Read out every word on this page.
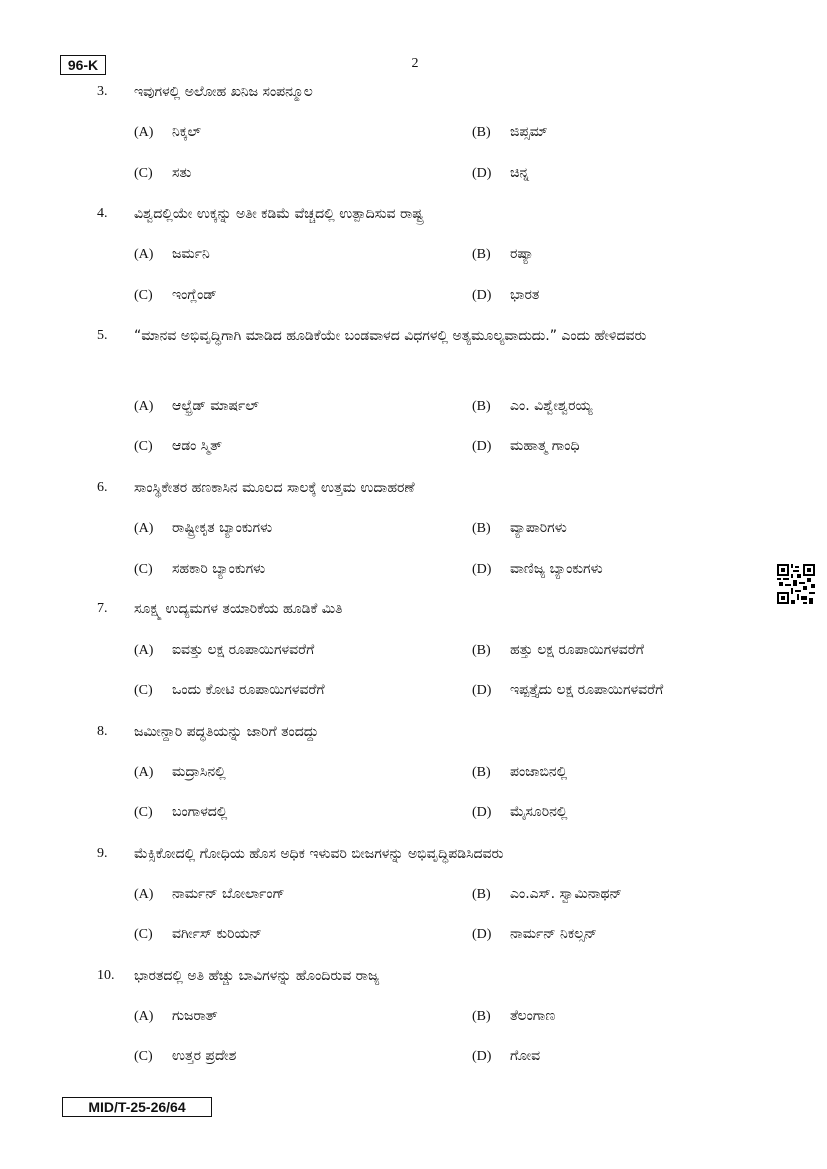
96-K	2
3. ಇವುಗಳಲ್ಲಿ ಅಲೋಹ ಖನಿಜ ಸಂಪನ್ಮೂಲ
(A) ನಿಕ್ಕಲ್	(B) ಜಿಪ್ಸಮ್
(C) ಸತು	(D) ಚಿನ್ನ
4. ವಿಶ್ವದಲ್ಲಿಯೇ ಉಕ್ಕನ್ನು ಅತೀ ಕಡಿಮೆ ವೆಚ್ಚದಲ್ಲಿ ಉತ್ಪಾದಿಸುವ ರಾಷ್ಟ್ರ
(A) ಜರ್ಮನಿ	(B) ರಷ್ಯಾ
(C) ಇಂಗ್ಲೆಂಡ್	(D) ಭಾರತ
5. “ಮಾನವ ಅಭಿವೃದ್ಧಿಗಾಗಿ ಮಾಡಿದ ಹೂಡಿಕೆಯೇ ಬಂಡವಾಳದ ವಿಧಗಳಲ್ಲಿ ಅತ್ಯಮೂಲ್ಯವಾದುದು.” ಎಂದು ಹೇಳಿದವರು
(A) ಆಲ್ಫ್ರೆಡ್ ಮಾರ್ಷಲ್	(B) ಎಂ. ವಿಶ್ವೇಶ್ವರಯ್ಯ
(C) ಆಡಂ ಸ್ಮಿತ್	(D) ಮಹಾತ್ಮ ಗಾಂಧಿ
6. ಸಾಂಸ್ಥಿಕೇತರ ಹಣಕಾಸಿನ ಮೂಲದ ಸಾಲಕ್ಕೆ ಉತ್ತಮ ಉದಾಹರಣೆ
(A) ರಾಷ್ಟ್ರೀಕೃತ ಬ್ಯಾಂಕುಗಳು	(B) ವ್ಯಾಪಾರಿಗಳು
(C) ಸಹಕಾರಿ ಬ್ಯಾಂಕುಗಳು	(D) ವಾಣಿಜ್ಯ ಬ್ಯಾಂಕುಗಳು
7. ಸೂಕ್ಷ್ಮ ಉದ್ಯಮಗಳ ತಯಾರಿಕೆಯ ಹೂಡಿಕೆ ಮಿತಿ
(A) ಐವತ್ತು ಲಕ್ಷ ರೂಪಾಯಿಗಳವರೆಗೆ	(B) ಹತ್ತು ಲಕ್ಷ ರೂಪಾಯಿಗಳವರೆಗೆ
(C) ಒಂದು ಕೋಟಿ ರೂಪಾಯಿಗಳವರೆಗೆ	(D) ಇಪ್ಪತ್ತೈದು ಲಕ್ಷ ರೂಪಾಯಿಗಳವರೆಗೆ
8. ಜಮೀನ್ದಾರಿ ಪದ್ಧತಿಯನ್ನು ಜಾರಿಗೆ ತಂದದ್ದು
(A) ಮದ್ರಾಸಿನಲ್ಲಿ	(B) ಪಂಜಾಬಿನಲ್ಲಿ
(C) ಬಂಗಾಳದಲ್ಲಿ	(D) ಮೈಸೂರಿನಲ್ಲಿ
9. ಮೆಕ್ಸಿಕೋದಲ್ಲಿ ಗೋಧಿಯ ಹೊಸ ಅಧಿಕ ಇಳುವರಿ ಬೀಜಗಳನ್ನು ಅಭಿವೃದ್ಧಿಪಡಿಸಿದವರು
(A) ನಾರ್ಮನ್ ಬೋರ್ಲಾಂಗ್	(B) ಎಂ.ಎಸ್. ಸ್ವಾಮಿನಾಥನ್
(C) ವರ್ಗೀಸ್ ಕುರಿಯನ್	(D) ನಾರ್ಮನ್ ನಿಕಲ್ಸನ್
10. ಭಾರತದಲ್ಲಿ ಅತಿ ಹೆಚ್ಚು ಬಾವಿಗಳನ್ನು ಹೊಂದಿರುವ ರಾಜ್ಯ
(A) ಗುಜರಾತ್	(B) ತೆಲಂಗಾಣ
(C) ಉತ್ತರ ಪ್ರದೇಶ	(D) ಗೋವ
MID/T-25-26/64
